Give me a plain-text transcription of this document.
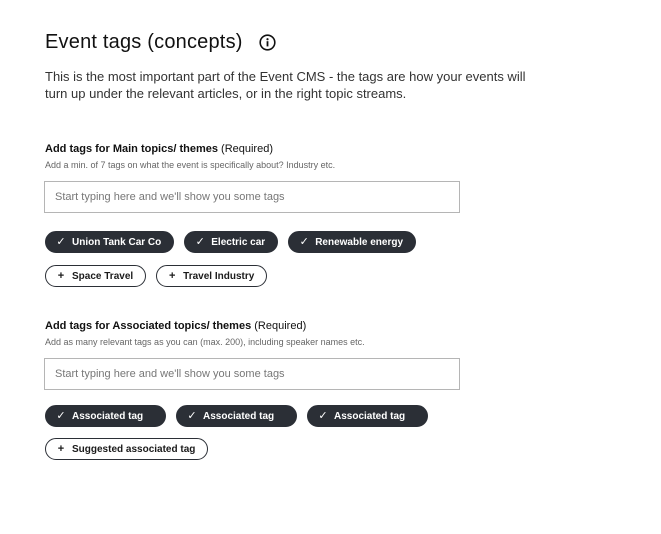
Event tags (concepts)
This is the most important part of the Event CMS - the tags are how your events will turn up under the relevant articles, or in the right topic streams.
Add tags for Main topics/ themes (Required)
Add a min. of 7 tags on what the event is specifically about? Industry etc.
Start typing here and we'll show you some tags
✓ Union Tank Car Co	✓ Electric car	✓ Renewable energy
+ Space Travel	+ Travel Industry
Add tags for Associated topics/ themes (Required)
Add as many relevant tags as you can (max. 200), including speaker names etc.
Start typing here and we'll show you some tags
✓ Associated tag	✓ Associated tag	✓ Associated tag
+ Suggested associated tag
